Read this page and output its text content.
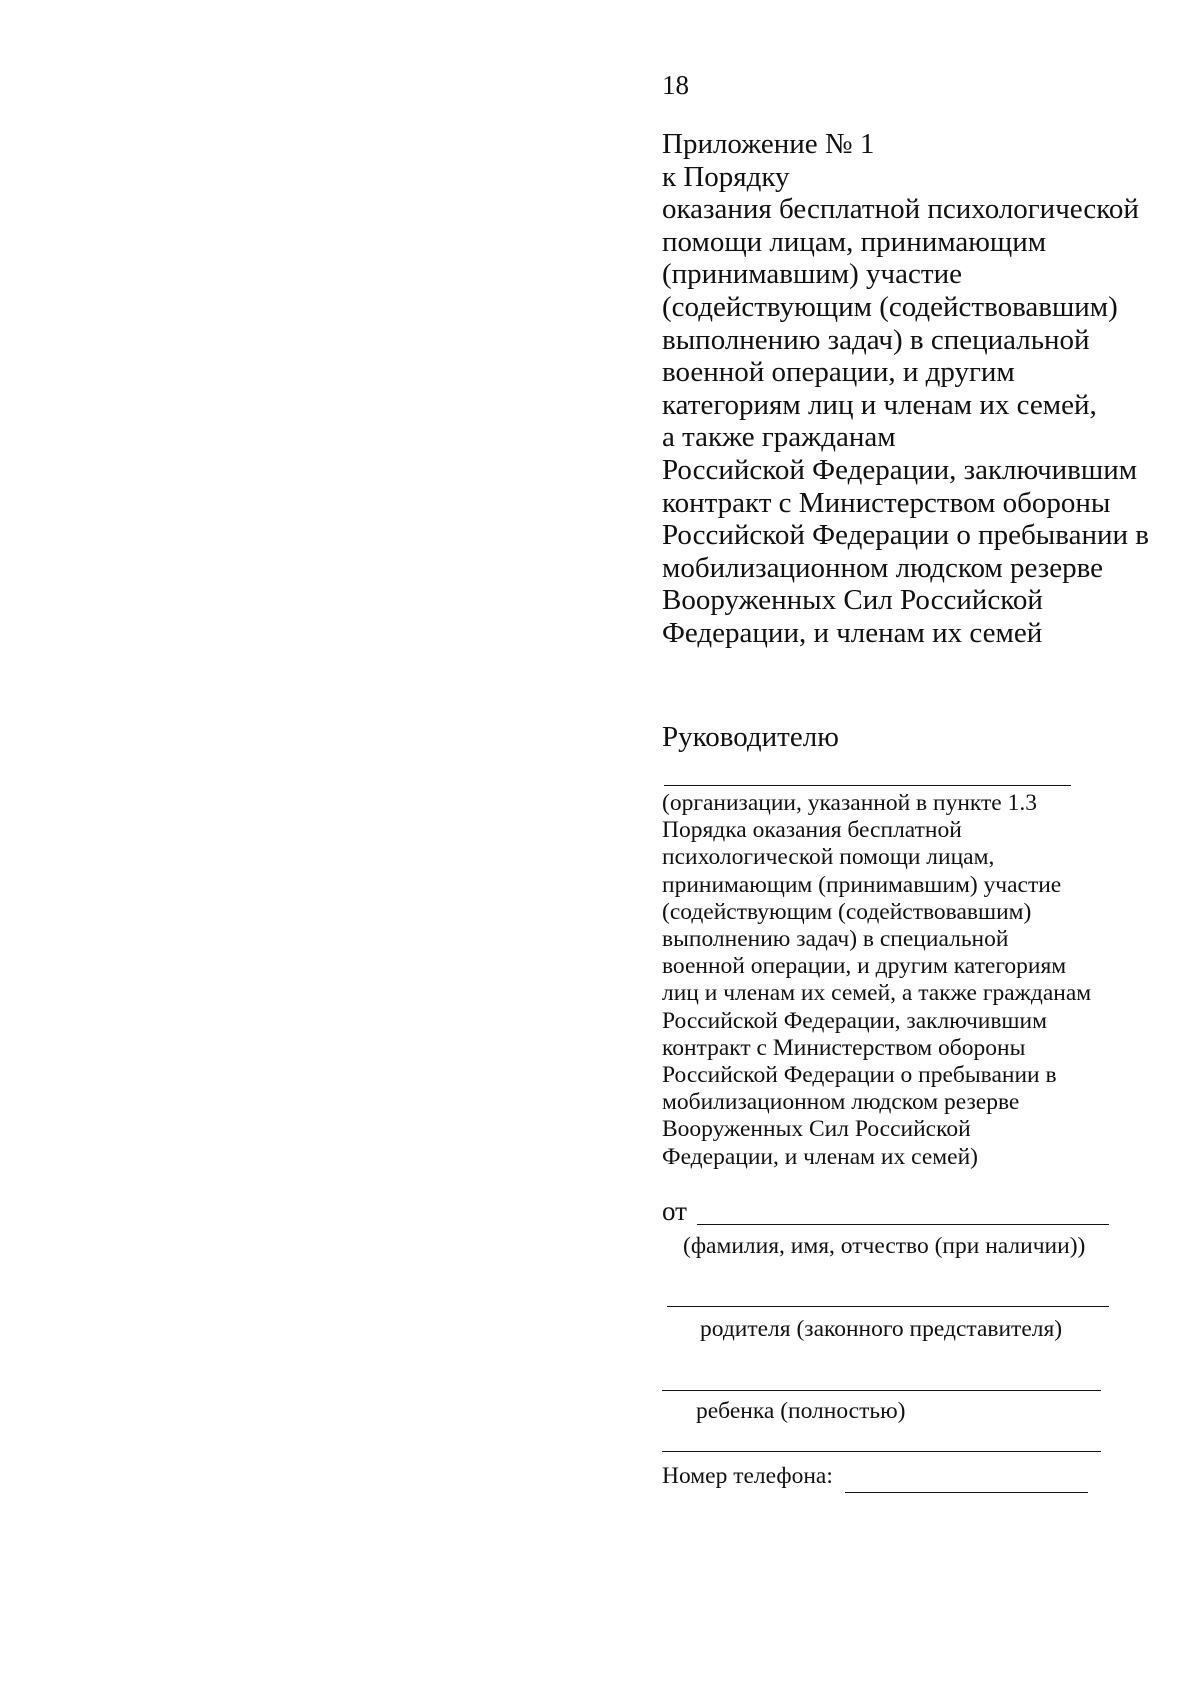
18
Приложение № 1
к Порядку
оказания бесплатной психологической
помощи лицам, принимающим
(принимавшим) участие
(содействующим (содействовавшим)
выполнению задач) в специальной
военной операции, и другим
категориям лиц и членам их семей,
а также гражданам
Российской Федерации, заключившим
контракт с Министерством обороны
Российской Федерации о пребывании в
мобилизационном людском резерве
Вооруженных Сил Российской
Федерации, и членам их семей
Руководителю
(организации, указанной в пункте 1.3
Порядка оказания бесплатной
психологической помощи лицам,
принимающим (принимавшим) участие
(содействующим (содействовавшим)
выполнению задач) в специальной
военной операции, и другим категориям
лиц и членам их семей, а также гражданам
Российской Федерации, заключившим
контракт с Министерством обороны
Российской Федерации о пребывании в
мобилизационном людском резерве
Вооруженных Сил Российской
Федерации, и членам их семей)
от
(фамилия, имя, отчество (при наличии))
родителя (законного представителя)
ребенка (полностью)
Номер телефона:
